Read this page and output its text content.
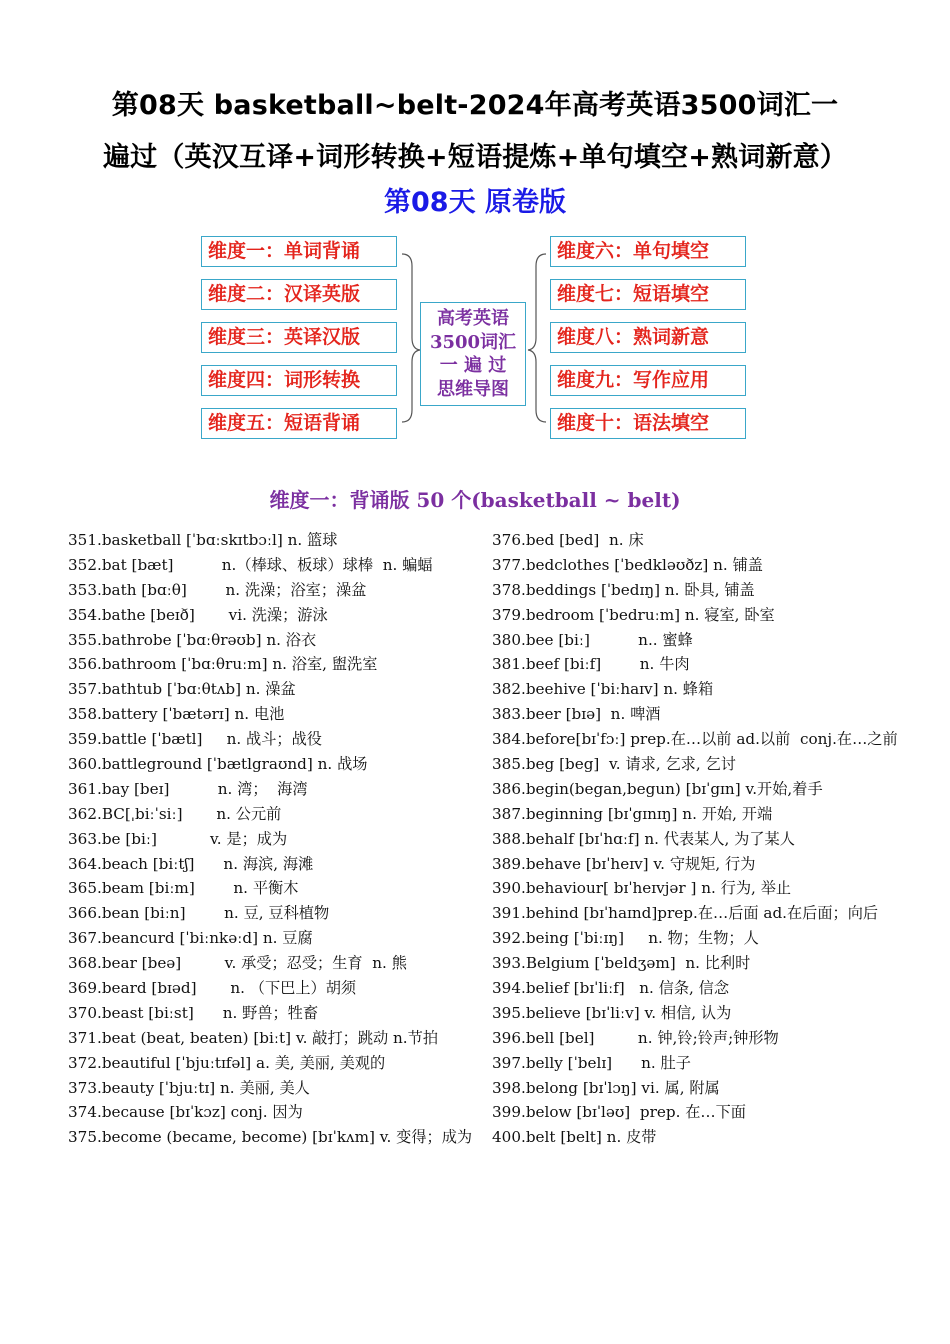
第08天 basketball~belt-2024年高考英语3500词汇一
遍过（英汉互译+词形转换+短语提炼+单句填空+熟词新意）
第08天 原卷版
维度一：单词背诵
维度二：汉译英版
维度三：英译汉版
维度四：词形转换
维度五：短语背诵
高考英语
3500词汇
一 遍 过
思维导图
维度六：单句填空
维度七：短语填空
维度八：熟词新意
维度九：写作应用
维度十：语法填空
维度一：背诵版 50 个(basketball ~ belt)
351.basketball [ˈbɑːskɪtbɔːl] n. 篮球
352.bat [bæt]          n.（棒球、板球）球棒  n. 蝙蝠
353.bath [bɑːθ]        n. 洗澡；浴室；澡盆
354.bathe [beɪð]       vi. 洗澡；游泳
355.bathrobe [ˈbɑːθrəʊb] n. 浴衣
356.bathroom [ˈbɑːθruːm] n. 浴室, 盥洗室
357.bathtub [ˈbɑːθtʌb] n. 澡盆
358.battery [ˈbætərɪ] n. 电池
359.battle [ˈbætl]     n. 战斗；战役
360.battleground [ˈbætlgraʊnd] n. 战场
361.bay [beɪ]          n. 湾；  海湾
362.BC[ˌbiːˈsiː]       n. 公元前
363.be [biː]           v. 是；成为
364.beach [biːtʃ]      n. 海滨, 海滩
365.beam [biːm]        n. 平衡木
366.bean [biːn]        n. 豆, 豆科植物
367.beancurd [ˈbiːnkəːd] n. 豆腐
368.bear [beə]         v. 承受；忍受；生育  n. 熊
369.beard [bɪəd]       n. （下巴上）胡须
370.beast [biːst]      n. 野兽；牲畜
371.beat (beat, beaten) [biːt] v. 敲打；跳动 n.节拍
372.beautiful [ˈbjuːtɪfəl] a. 美, 美丽, 美观的
373.beauty [ˈbjuːtɪ] n. 美丽, 美人
374.because [bɪˈkɔz] conj. 因为
375.become (became, become) [bɪˈkʌm] v. 变得；成为
376.bed [bed]  n. 床
377.bedclothes [ˈbedkləʊðz] n. 铺盖
378.beddings [ˈbedɪŋ] n. 卧具, 铺盖
379.bedroom [ˈbedruːm] n. 寝室, 卧室
380.bee [biː]          n.. 蜜蜂
381.beef [biːf]        n. 牛肉
382.beehive [ˈbiːhaɪv] n. 蜂箱
383.beer [bɪə]  n. 啤酒
384.before[bɪˈfɔː] prep.在…以前 ad.以前  conj.在…之前
385.beg [beg]  v. 请求, 乞求, 乞讨
386.begin(began,begun) [bɪˈgɪn] v.开始,着手
387.beginning [bɪˈgɪnɪŋ] n. 开始, 开端
388.behalf [bɪˈhɑːf] n. 代表某人, 为了某人
389.behave [bɪˈheɪv] v. 守规矩, 行为
390.behaviour[ bɪˈheɪvjər ] n. 行为, 举止
391.behind [bɪˈhaɪnd]prep.在…后面 ad.在后面；向后
392.being [ˈbiːɪŋ]     n. 物；生物；人
393.Belgium [ˈbeldʒəm]  n. 比利时
394.belief [bɪˈliːf]   n. 信条, 信念
395.believe [bɪˈliːv] v. 相信, 认为
396.bell [bel]         n. 钟,铃;铃声;钟形物
397.belly [ˈbelɪ]      n. 肚子
398.belong [bɪˈlɔŋ] vi. 属, 附属
399.below [bɪˈləʊ]  prep. 在…下面
400.belt [belt] n. 皮带
